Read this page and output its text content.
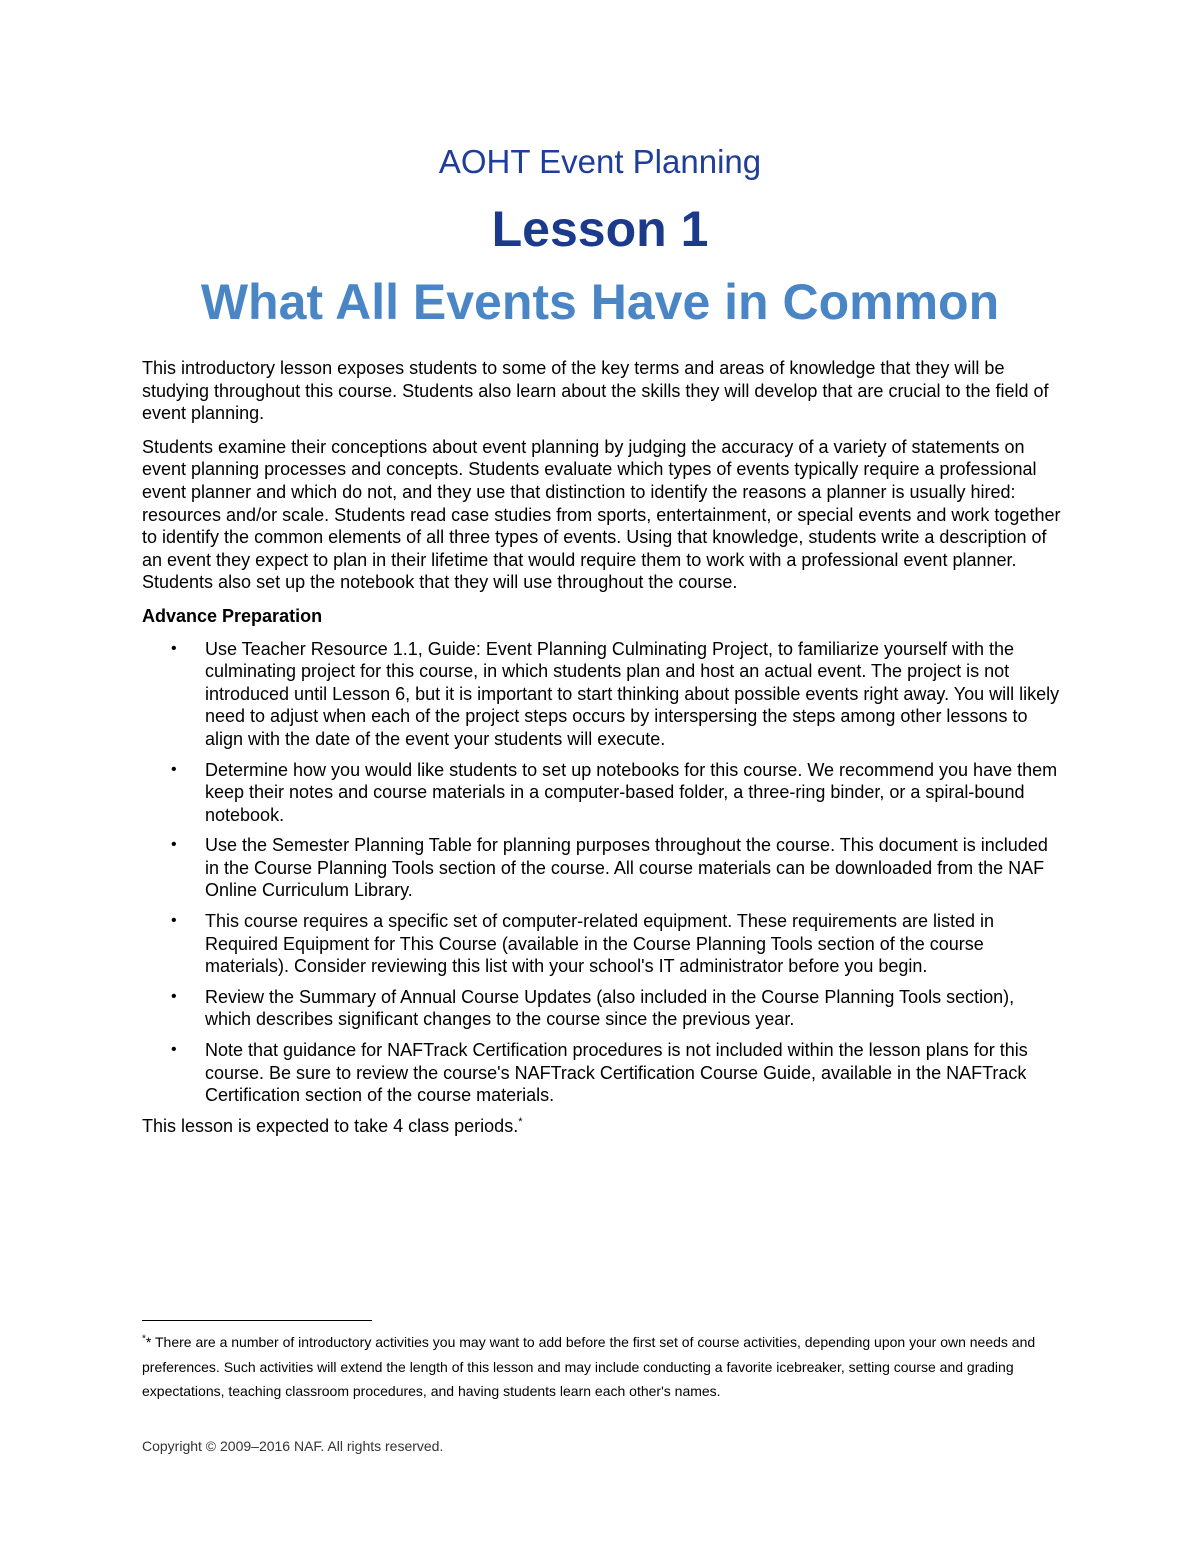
AOHT Event Planning
Lesson 1
What All Events Have in Common

This introductory lesson exposes students to some of the key terms and areas of knowledge that they will be studying throughout this course. Students also learn about the skills they will develop that are crucial to the field of event planning.

Students examine their conceptions about event planning by judging the accuracy of a variety of statements on event planning processes and concepts. Students evaluate which types of events typically require a professional event planner and which do not, and they use that distinction to identify the reasons a planner is usually hired: resources and/or scale. Students read case studies from sports, entertainment, or special events and work together to identify the common elements of all three types of events. Using that knowledge, students write a description of an event they expect to plan in their lifetime that would require them to work with a professional event planner. Students also set up the notebook that they will use throughout the course.

Advance Preparation
• Use Teacher Resource 1.1, Guide: Event Planning Culminating Project, to familiarize yourself with the culminating project for this course, in which students plan and host an actual event. The project is not introduced until Lesson 6, but it is important to start thinking about possible events right away. You will likely need to adjust when each of the project steps occurs by interspersing the steps among other lessons to align with the date of the event your students will execute.
• Determine how you would like students to set up notebooks for this course. We recommend you have them keep their notes and course materials in a computer-based folder, a three-ring binder, or a spiral-bound notebook.
• Use the Semester Planning Table for planning purposes throughout the course. This document is included in the Course Planning Tools section of the course. All course materials can be downloaded from the NAF Online Curriculum Library.
• This course requires a specific set of computer-related equipment. These requirements are listed in Required Equipment for This Course (available in the Course Planning Tools section of the course materials). Consider reviewing this list with your school's IT administrator before you begin.
• Review the Summary of Annual Course Updates (also included in the Course Planning Tools section), which describes significant changes to the course since the previous year.
• Note that guidance for NAFTrack Certification procedures is not included within the lesson plans for this course. Be sure to review the course's NAFTrack Certification Course Guide, available in the NAFTrack Certification section of the course materials.

This lesson is expected to take 4 class periods.*

** There are a number of introductory activities you may want to add before the first set of course activities, depending upon your own needs and preferences. Such activities will extend the length of this lesson and may include conducting a favorite icebreaker, setting course and grading expectations, teaching classroom procedures, and having students learn each other's names.
Copyright © 2009–2016 NAF. All rights reserved.
